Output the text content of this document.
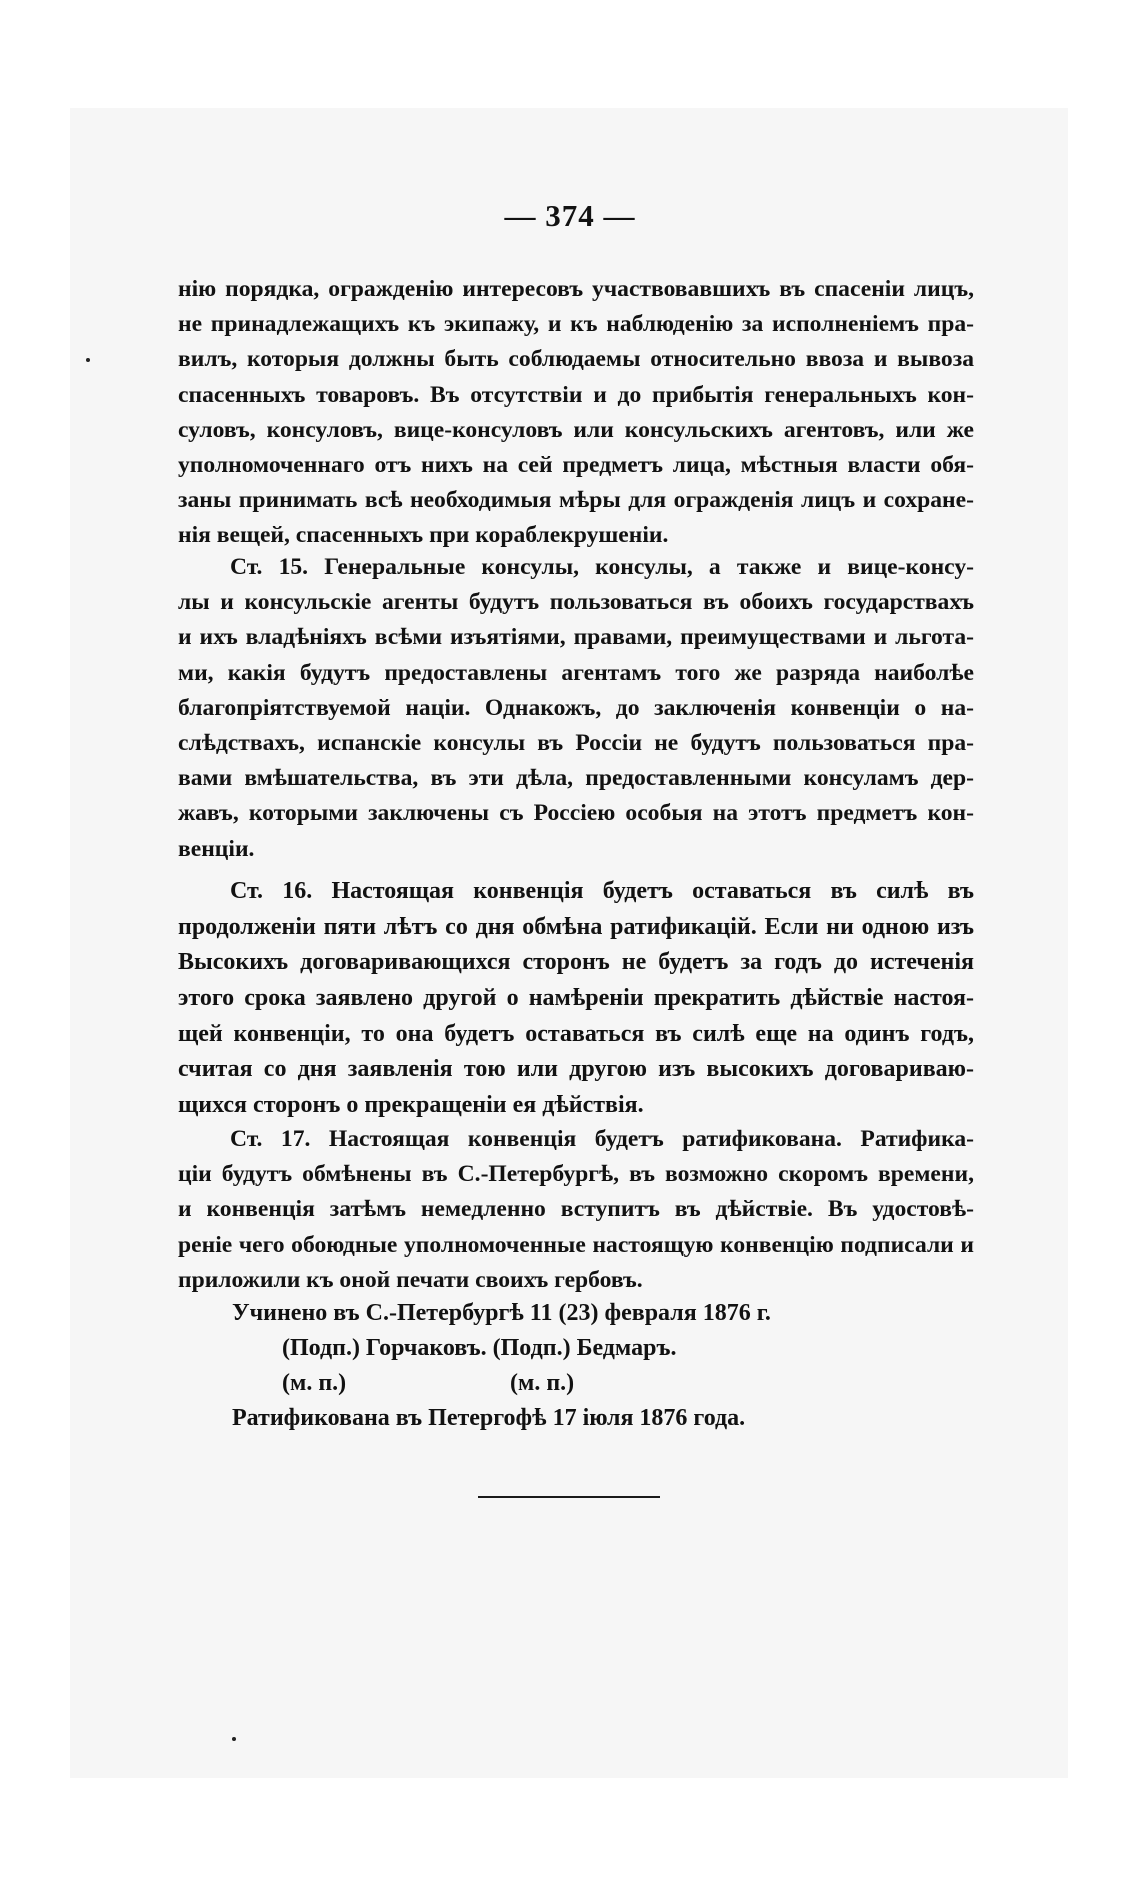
— 374 —
нію порядка, огражденію интересовъ участвовавшихъ въ спасеніи лицъ,
не принадлежащихъ къ экипажу, и къ наблюденію за исполненіемъ пра-
вилъ, которыя должны быть соблюдаемы относительно ввоза и вывоза
спасенныхъ товаровъ. Въ отсутствіи и до прибытія генеральныхъ кон-
суловъ, консуловъ, вице-консуловъ или консульскихъ агентовъ, или же
уполномоченнаго отъ нихъ на сей предметъ лица, мѣстныя власти обя-
заны принимать всѣ необходимыя мѣры для огражденія лицъ и сохране-
нія вещей, спасенныхъ при кораблекрушеніи.
Ст. 15. Генеральные консулы, консулы, а также и вице-консу-
лы и консульскіе агенты будутъ пользоваться въ обоихъ государствахъ
и ихъ владѣніяхъ всѣми изъятіями, правами, преимуществами и льгота-
ми, какія будутъ предоставлены агентамъ того же разряда наиболѣе
благопріятствуемой націи. Однакожъ, до заключенія конвенціи о на-
слѣдствахъ, испанскіе консулы въ Россіи не будутъ пользоваться пра-
вами вмѣшательства, въ эти дѣла, предоставленными консуламъ дер-
жавъ, которыми заключены съ Россіею особыя на этотъ предметъ кон-
венціи.
Ст. 16. Настоящая конвенція будетъ оставаться въ силѣ въ
продолженіи пяти лѣтъ со дня обмѣна ратификацій. Если ни одною изъ
Высокихъ договаривающихся сторонъ не будетъ за годъ до истеченія
этого срока заявлено другой о намѣреніи прекратить дѣйствіе настоя-
щей конвенціи, то она будетъ оставаться въ силѣ еще на одинъ годъ,
считая со дня заявленія тою или другою изъ высокихъ договариваю-
щихся сторонъ о прекращеніи ея дѣйствія.
Ст. 17. Настоящая конвенція будетъ ратификована. Ратифика-
ціи будутъ обмѣнены въ С.-Петербургѣ, въ возможно скоромъ времени,
и конвенція затѣмъ немедленно вступитъ въ дѣйствіе. Въ удостовѣ-
реніе чего обоюдные уполномоченные настоящую конвенцію подписали и
приложили къ оной печати своихъ гербовъ.
Учинено въ С.-Петербургѣ 11 (23) февраля 1876 г.
(Подп.) Горчаковъ. (Подп.) Бедмаръ.
(м. п.)	(м. п.)
Ратификована въ Петергофѣ 17 іюля 1876 года.
